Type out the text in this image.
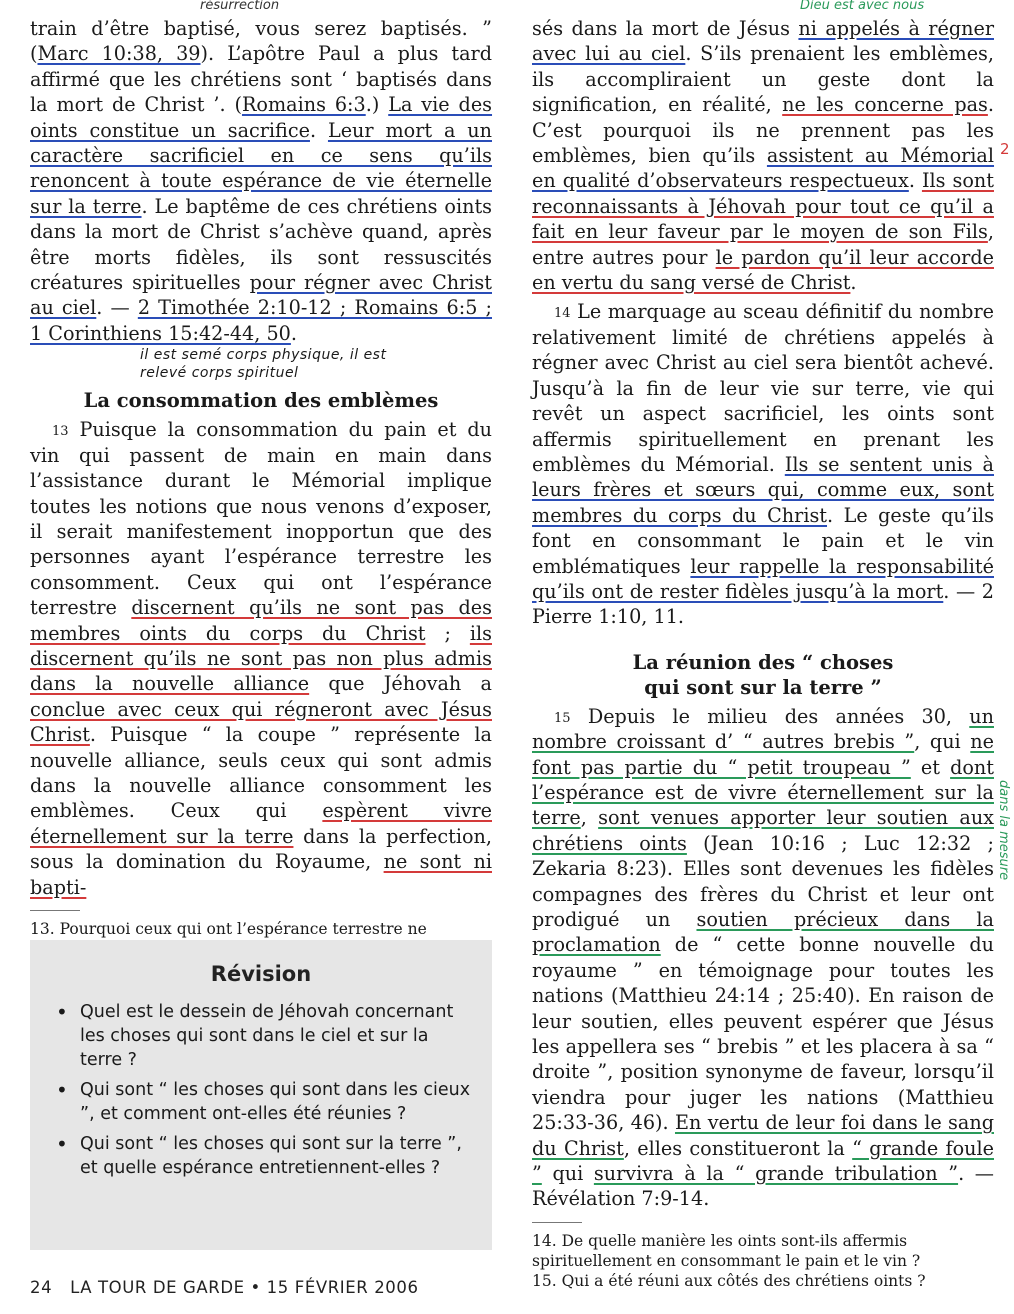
résurrection	Dieu est avec nous

train d’être baptisé, vous serez baptisés. ” (Marc 10:38, 39). L’apôtre Paul a plus tard affirmé que les chrétiens sont ‘ baptisés dans la mort de Christ ’. (Romains 6:3.) La vie des oints constitue un sacrifice. Leur mort a un caractère sacrificiel en ce sens qu’ils renoncent à toute espérance de vie éternelle sur la terre. Le baptême de ces chrétiens oints dans la mort de Christ s’achève quand, après être morts fidèles, ils sont ressuscités créatures spirituelles pour régner avec Christ au ciel. — 2 Timothée 2:10-12 ; Romains 6:5 ; 1 Corinthiens 15:42-44, 50.

il est semé corps physique, il est
relevé corps spirituel
La consommation des emblèmes

$^{13}$ Puisque la consommation du pain et du vin qui passent de main en main dans l’assistance durant le Mémorial implique toutes les notions que nous venons d’exposer, il serait manifestement inopportun que des personnes ayant l’espérance terrestre les consomment. Ceux qui ont l’espérance terrestre discernent qu’ils ne sont pas des membres oints du corps du Christ ; ils discernent qu’ils ne sont pas non plus admis dans la nouvelle alliance que Jéhovah a conclue avec ceux qui régneront avec Jésus Christ. Puisque “ la coupe ” représente la nouvelle alliance, seuls ceux qui sont admis dans la nouvelle alliance consomment les emblèmes. Ceux qui espèrent vivre éternellement sur la terre dans la perfection, sous la domination du Royaume, ne sont ni bapti-

13. Pourquoi ceux qui ont l’espérance terrestre ne

Révision
• Quel est le dessein de Jéhovah concernant les choses qui sont dans le ciel et sur la terre ?
• Qui sont “ les choses qui sont dans les cieux ”, et comment ont-elles été réunies ?
• Qui sont “ les choses qui sont sur la terre ”, et quelle espérance entretiennent-elles ?
24 LA TOUR DE GARDE • 15 FÉVRIER 2006

sés dans la mort de Jésus ni appelés à régner avec lui au ciel. S’ils prenaient les emblèmes, ils accompliraient un geste dont la signification, en réalité, ne les concerne pas. C’est pourquoi ils ne prennent pas les emblèmes, bien qu’ils assistent au Mémorial en qualité d’observateurs respectueux. Ils sont reconnaissants à Jéhovah pour tout ce qu’il a fait en leur faveur par le moyen de son Fils, entre autres pour le pardon qu’il leur accorde en vertu du sang versé de Christ.

$^{14}$ Le marquage au sceau définitif du nombre relativement limité de chrétiens appelés à régner avec Christ au ciel sera bientôt achevé. Jusqu’à la fin de leur vie sur terre, vie qui revêt un aspect sacrificiel, les oints sont affermis spirituellement en prenant les emblèmes du Mémorial. Ils se sentent unis à leurs frères et sœurs qui, comme eux, sont membres du corps du Christ. Le geste qu’ils font en consommant le pain et le vin emblématiques leur rappelle la responsabilité qu’ils ont de rester fidèles jusqu’à la mort. — 2 Pierre 1:10, 11.

La réunion des “ choses
qui sont sur la terre ”

$^{15}$ Depuis le milieu des années 30, un nombre croissant d’ “ autres brebis ”, qui ne font pas partie du “ petit troupeau ” et dont l’espérance est de vivre éternellement sur la terre, sont venues apporter leur soutien aux chrétiens oints (Jean 10:16 ; Luc 12:32 ; Zekaria 8:23). Elles sont devenues les fidèles compagnes des frères du Christ et leur ont prodigué un soutien précieux dans la proclamation de “ cette bonne nouvelle du royaume ” en témoignage pour toutes les nations (Matthieu 24:14 ; 25:40). En raison de leur soutien, elles peuvent espérer que Jésus les appellera ses “ brebis ” et les placera à sa “ droite ”, position synonyme de faveur, lorsqu’il viendra pour juger les nations (Matthieu 25:33-36, 46). En vertu de leur foi dans le sang du Christ, elles constitueront la “ grande foule ” qui survivra à la “ grande tribulation ”. — Révélation 7:9-14.

14. De quelle manière les oints sont-ils affermis spirituellement en consommant le pain et le vin ?

15. Qui a été réuni aux côtés des chrétiens oints ?

2
dans la mesure
